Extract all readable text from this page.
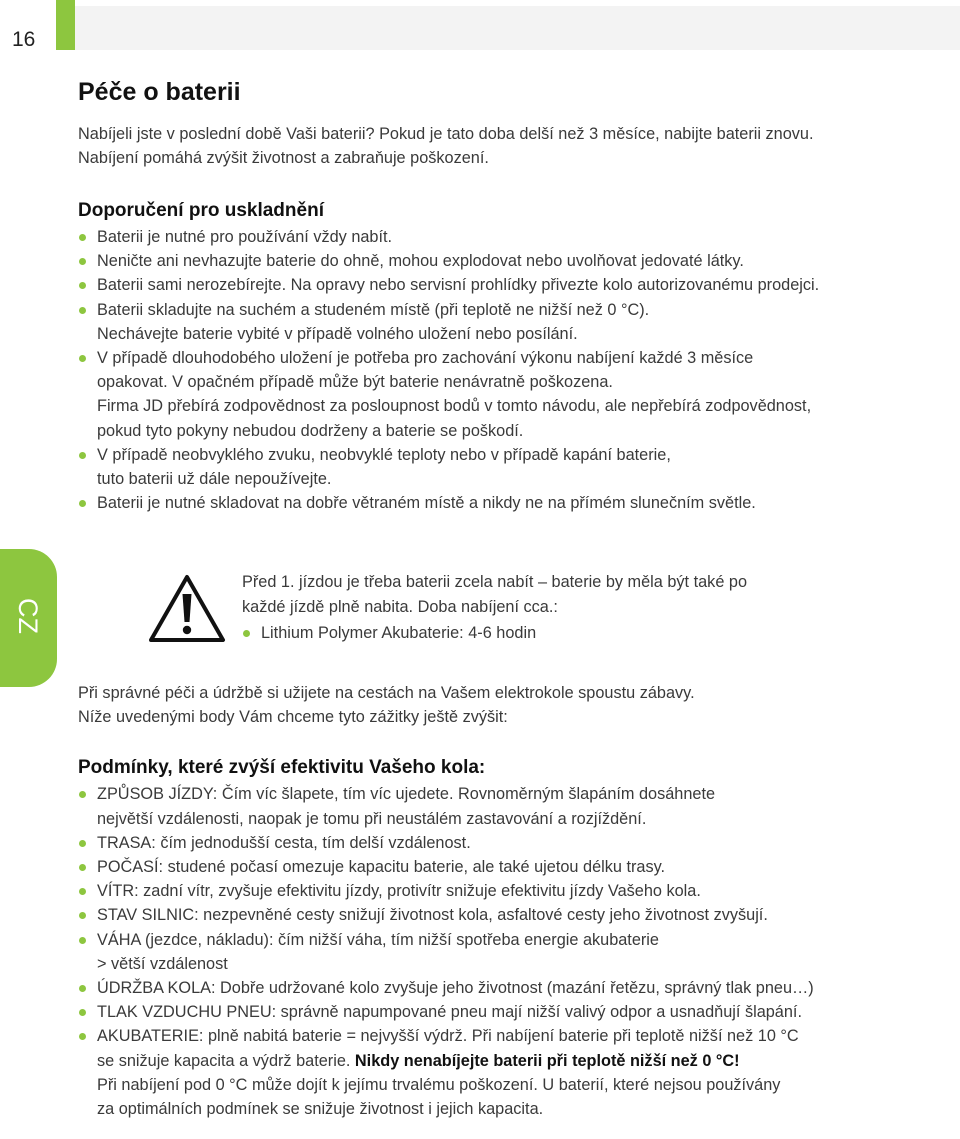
16
CZ
Péče o baterii

Nabíjeli jste v poslední době Vaši baterii? Pokud je tato doba delší než 3 měsíce, nabijte baterii znovu.

Nabíjení pomáhá zvýšit životnost a zabraňuje poškození.

Doporučení pro uskladnění
Baterii je nutné pro používání vždy nabít.
Neničte ani nevhazujte baterie do ohně, mohou explodovat nebo uvolňovat jedovaté látky.
Baterii sami nerozebírejte. Na opravy nebo servisní prohlídky přivezte kolo autorizovanému prodejci.
Baterii skladujte na suchém a studeném místě (při teplotě ne nižší než 0 °C).
Nechávejte baterie vybité v případě volného uložení nebo posílání.
V případě dlouhodobého uložení je potřeba pro zachování výkonu nabíjení každé 3 měsíce
opakovat. V opačném případě může být baterie nenávratně poškozena.
Firma JD přebírá zodpovědnost za posloupnost bodů v tomto návodu, ale nepřebírá zodpovědnost,
pokud tyto pokyny nebudou dodrženy a baterie se poškodí.
V případě neobvyklého zvuku, neobvyklé teploty nebo v případě kapání baterie,
tuto baterii už dále nepoužívejte.
Baterii je nutné skladovat na dobře větraném místě a nikdy ne na přímém slunečním světle.

Při správné péči a údržbě si užijete na cestách na Vašem elektrokole spoustu zábavy.

Níže uvedenými body Vám chceme tyto zážitky ještě zvýšit:

Podmínky, které zvýší efektivitu Vašeho kola:
ZPŮSOB JÍZDY: Čím víc šlapete, tím víc ujedete. Rovnoměrným šlapáním dosáhnete
největší vzdálenosti, naopak je tomu při neustálém zastavování a rozjíždění.
TRASA: čím jednodušší cesta, tím delší vzdálenost.
POČASÍ: studené počasí omezuje kapacitu baterie, ale také ujetou délku trasy.
VÍTR: zadní vítr, zvyšuje efektivitu jízdy, protivítr snižuje efektivitu jízdy Vašeho kola.
STAV SILNIC: nezpevněné cesty snižují životnost kola, asfaltové cesty jeho životnost zvyšují.
VÁHA (jezdce, nákladu): čím nižší váha, tím nižší spotřeba energie akubaterie
> větší vzdálenost
ÚDRŽBA KOLA: Dobře udržované kolo zvyšuje jeho životnost (mazání řetězu, správný tlak pneu…)
TLAK VZDUCHU PNEU: správně napumpované pneu mají nižší valivý odpor a usnadňují šlapání.
AKUBATERIE: plně nabitá baterie = nejvyšší výdrž. Při nabíjení baterie při teplotě nižší než 10 °C
se snižuje kapacita a výdrž baterie. Nikdy nenabíjejte baterii při teplotě nižší než 0 °C!
Při nabíjení pod 0 °C může dojít k jejímu trvalému poškození. U baterií, které nejsou používány
za optimálních podmínek se snižuje životnost i jejich kapacita.

Před 1. jízdou je třeba baterii zcela nabít – baterie by měla být také po

každé jízdě plně nabita. Doba nabíjení cca.:

Lithium Polymer Akubaterie: 4-6 hodin
